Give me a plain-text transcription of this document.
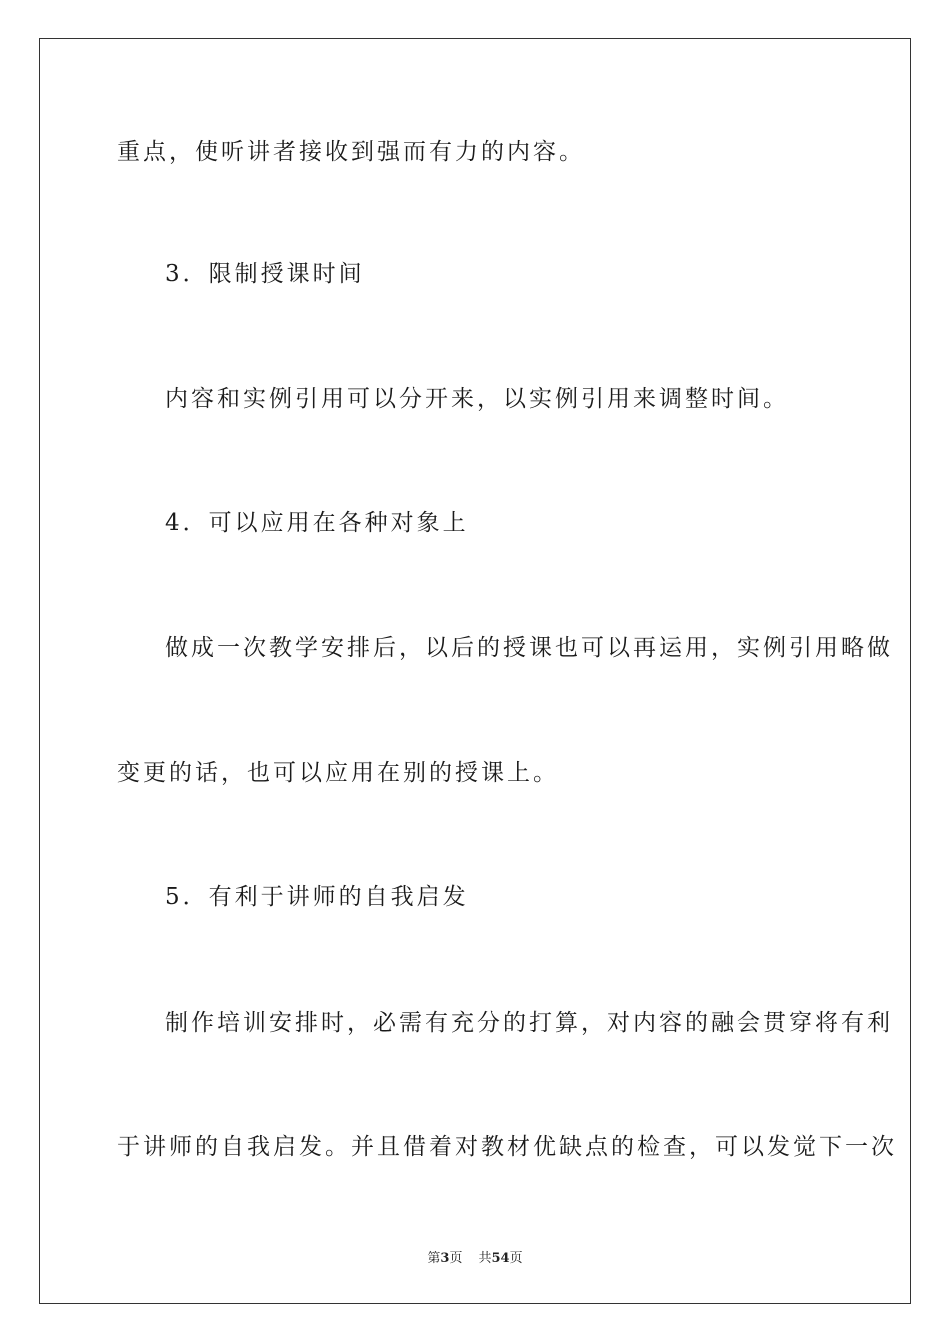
重点，使听讲者接收到强而有力的内容。
3．限制授课时间
内容和实例引用可以分开来，以实例引用来调整时间。
4．可以应用在各种对象上
做成一次教学安排后，以后的授课也可以再运用，实例引用略做
变更的话，也可以应用在别的授课上。
5．有利于讲师的自我启发
制作培训安排时，必需有充分的打算，对内容的融会贯穿将有利
于讲师的自我启发。并且借着对教材优缺点的检查，可以发觉下一次
第3页 共54页
